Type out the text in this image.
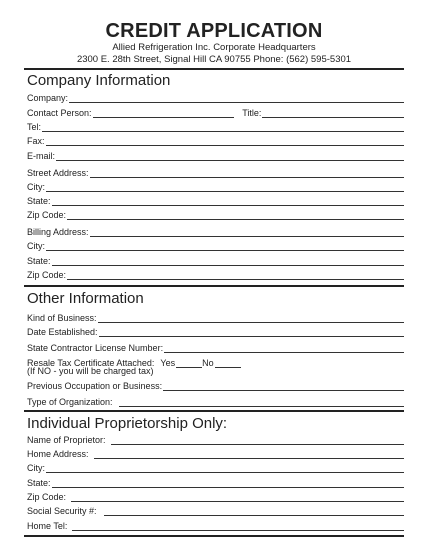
CREDIT APPLICATION
Allied Refrigeration Inc. Corporate Headquarters
2300 E. 28th Street, Signal Hill CA 90755 Phone: (562) 595-5301
Company Information
Company:
Contact Person:	Title:
Tel:
Fax:
E-mail:
Street Address:
City:
State:
Zip Code:
Billing Address:
City:
State:
Zip Code:
Other Information
Kind of Business:
Date Established:
State Contractor License Number:
Resale Tax Certificate Attached: Yes	No
(If NO - you will be charged tax)
Previous Occupation or Business:
Type of Organization:
Individual Proprietorship Only:
Name of Proprietor:
Home Address:
City:
State:
Zip Code:
Social Security #:
Home Tel:
